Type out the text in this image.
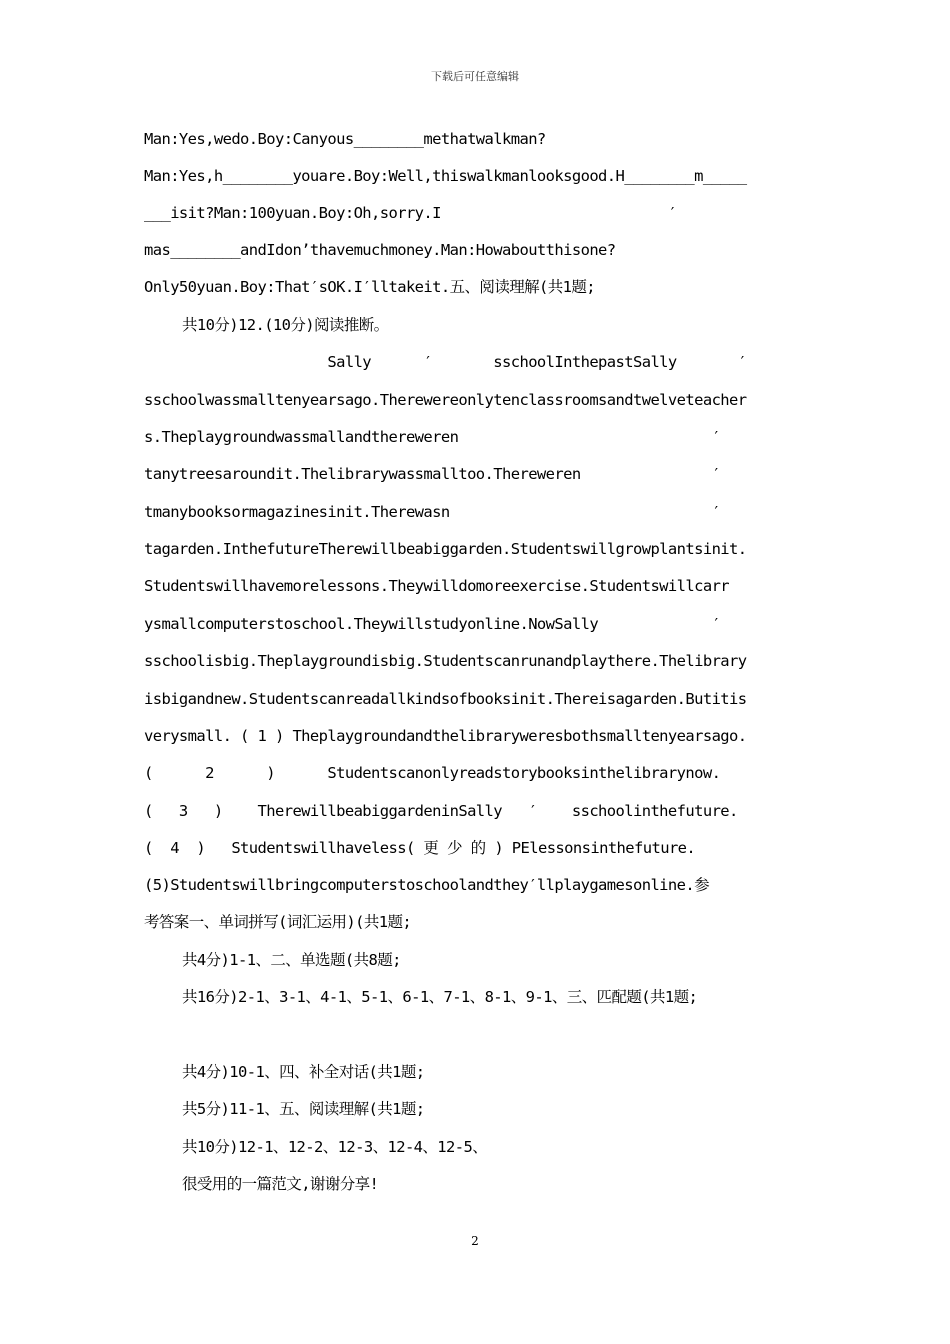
下载后可任意编辑
Man:Yes,wedo.Boy:Canyous________methatwalkman?
Man:Yes,h________youare.Boy:Well,thiswalkmanlooksgood.H________m_____
___isit?Man:100yuan.Boy:Oh,sorry.I                          ′
mas________andIdon’thavemuchmoney.Man:Howaboutthisone?
Only50yuan.Boy:That′sOK.I′lltakeit.五、阅读理解(共1题;
共10分)12.(10分)阅读推断。
Sally      ′       sschoolInthepastSally       ′
sschoolwassmalltenyearsago.Therewereonlytenclassroomsandtwelveteacher
s.Theplaygroundwassmallandthereweren                             ′
tanytreesaroundit.Thelibrarywassmalltoo.Thereweren               ′
tmanybooksormagazinesinit.Therewasn                              ′
tagarden.InthefutureTherewillbeabiggarden.Studentswillgrowplantsinit.
Studentswillhavemorelessons.Theywilldomoreexercise.Studentswillcarr
ysmallcomputerstoschool.Theywillstudyonline.NowSally             ′
sschoolisbig.Theplaygroundisbig.Studentscanrunandplaythere.Thelibrary
isbigandnew.Studentscanreadallkindsofbooksinit.Thereisagarden.Butitis
verysmall. ( 1 ) Theplaygroundandthelibraryweresbothsmalltenyearsago.
(      2      )      Studentscanonlyreadstorybooksinthelibrarynow.
(   3   )    TherewillbeabiggardeninSally   ′    sschoolinthefuture.
(  4  )   Studentswillhaveless( 更 少 的 ) PElessonsinthefuture.
(5)Studentswillbringcomputerstoschoolandthey′llplaygamesonline.参
考答案一、单词拼写(词汇运用)(共1题;
共4分)1-1、二、单选题(共8题;
共16分)2-1、3-1、4-1、5-1、6-1、7-1、8-1、9-1、三、匹配题(共1题;
共4分)10-1、四、补全对话(共1题;
共5分)11-1、五、阅读理解(共1题;
共10分)12-1、12-2、12-3、12-4、12-5、
很受用的一篇范文,谢谢分享!
2
